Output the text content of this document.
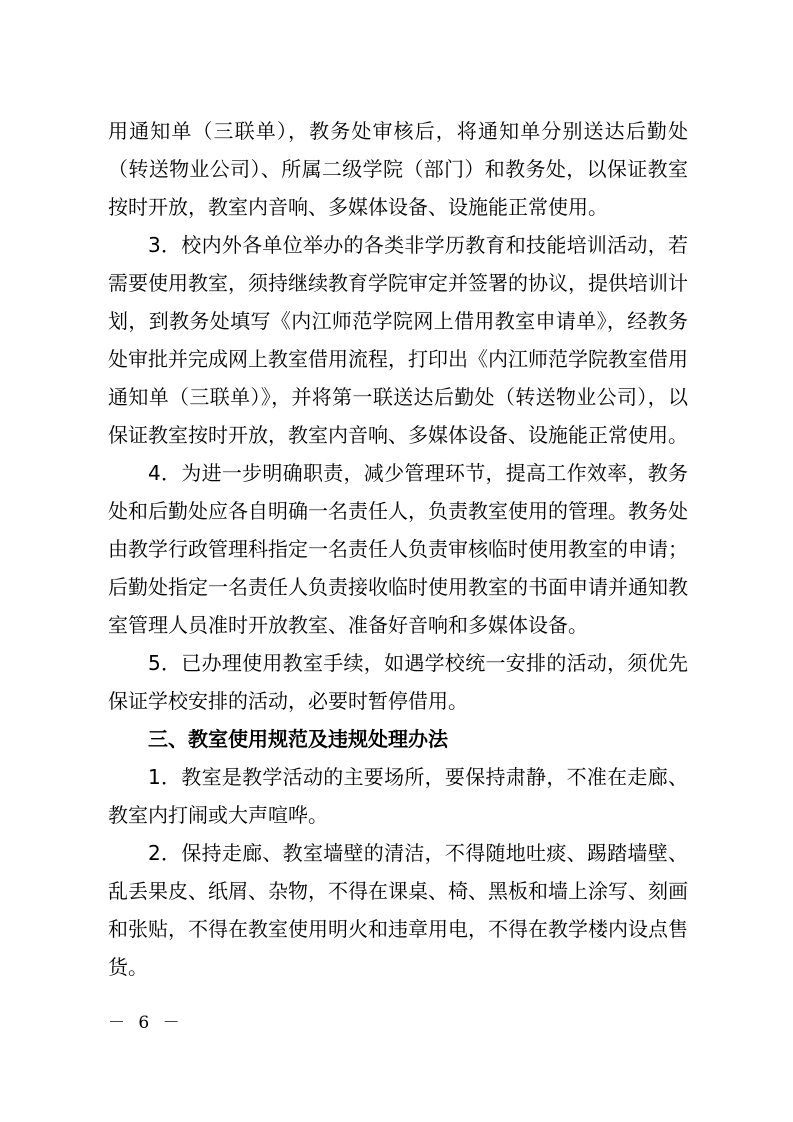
用通知单（三联单），教务处审核后，将通知单分别送达后勤处（转送物业公司）、所属二级学院（部门）和教务处，以保证教室按时开放，教室内音响、多媒体设备、设施能正常使用。

3．校内外各单位举办的各类非学历教育和技能培训活动，若需要使用教室，须持继续教育学院审定并签署的协议，提供培训计划，到教务处填写《内江师范学院网上借用教室申请单》，经教务处审批并完成网上教室借用流程，打印出《内江师范学院教室借用通知单（三联单）》，并将第一联送达后勤处（转送物业公司），以保证教室按时开放，教室内音响、多媒体设备、设施能正常使用。

4．为进一步明确职责，减少管理环节，提高工作效率，教务处和后勤处应各自明确一名责任人，负责教室使用的管理。教务处由教学行政管理科指定一名责任人负责审核临时使用教室的申请；后勤处指定一名责任人负责接收临时使用教室的书面申请并通知教室管理人员准时开放教室、准备好音响和多媒体设备。

5．已办理使用教室手续，如遇学校统一安排的活动，须优先保证学校安排的活动，必要时暂停借用。

三、教室使用规范及违规处理办法

1．教室是教学活动的主要场所，要保持肃静，不准在走廊、教室内打闹或大声喧哗。

2．保持走廊、教室墙壁的清洁，不得随地吐痰、踢踏墙壁、乱丢果皮、纸屑、杂物，不得在课桌、椅、黑板和墙上涂写、刻画和张贴，不得在教室使用明火和违章用电，不得在教学楼内设点售货。

－ 6 －
